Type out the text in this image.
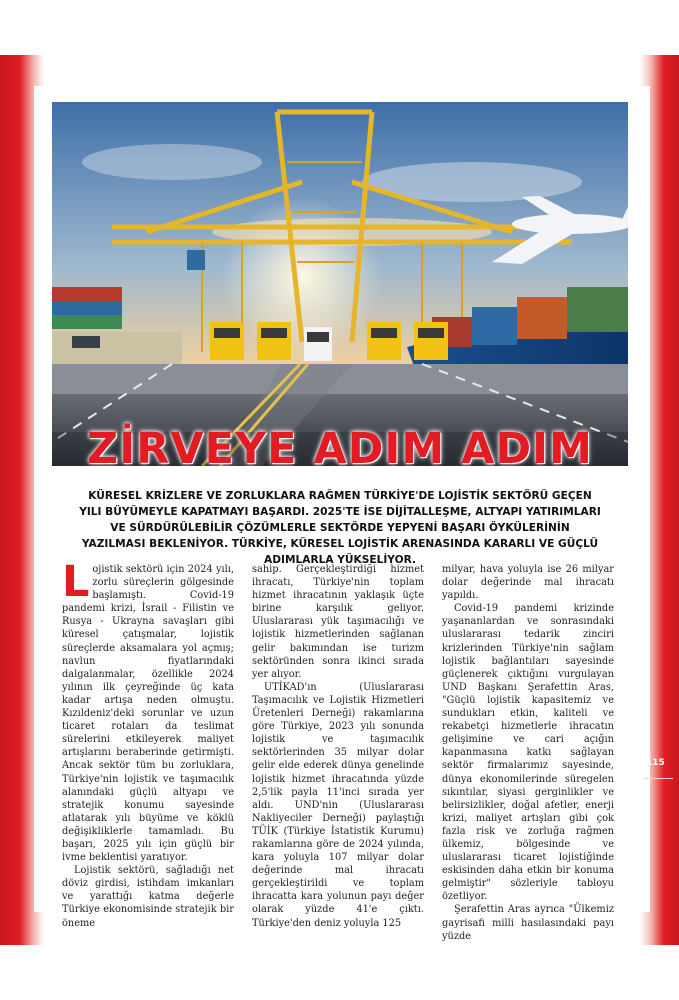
ZİRVEYE ADIM ADIM

KÜRESEL KRİZLERE VE ZORLUKLARA RAĞMEN TÜRKİYE'DE LOJİSTİK SEKTÖRÜ GEÇEN YILI BÜYÜMEYLE KAPATMAYI BAŞARDI. 2025'TE İSE DİJİTALLEŞME, ALTYAPI YATIRIMLARI VE SÜRDÜRÜLEBİLİR ÇÖZÜMLERLE SEKTÖRDE YEPYENİ BAŞARI ÖYKÜLERİNİN YAZILMASI BEKLENİYOR. TÜRKİYE, KÜRESEL LOJİSTİK ARENASINDA KARARLI VE GÜÇLÜ ADIMLARLA YÜKSELİYOR.

Lojistik sektörü için 2024 yılı, zorlu süreçlerin gölgesinde başlamıştı. Covid-19 pandemi krizi, İsrail - Filistin ve Rusya - Ukrayna savaşları gibi küresel çatışmalar, lojistik süreçlerde aksamalara yol açmış; navlun fiyatlarındaki dalgalanmalar, özellikle 2024 yılının ilk çeyreğinde üç kata kadar artışa neden olmuştu. Kızıldeniz'deki sorunlar ve uzun ticaret rotaları da teslimat sürelerini etkileyerek maliyet artışlarını beraberinde getirmişti. Ancak sektör tüm bu zorluklara, Türkiye'nin lojistik ve taşımacılık alanındaki güçlü altyapı ve stratejik konumu sayesinde atlatarak yılı büyüme ve köklü değişikliklerle tamamladı. Bu başarı, 2025 yılı için güçlü bir ivme beklentisi yaratıyor.

Lojistik sektörü, sağladığı net döviz girdisi, istihdam imkanları ve yarattığı katma değerle Türkiye ekonomisinde stratejik bir öneme

sahip. Gerçekleştirdiği hizmet ihracatı, Türkiye'nin toplam hizmet ihracatının yaklaşık üçte birine karşılık geliyor. Uluslararası yük taşımacılığı ve lojistik hizmetlerinden sağlanan gelir bakımından ise turizm sektöründen sonra ikinci sırada yer alıyor.

UTİKAD'ın (Uluslararası Taşımacılık ve Lojistik Hizmetleri Üretenleri Derneği) rakamlarına göre Türkiye, 2023 yılı sonunda lojistik ve taşımacılık sektörlerinden 35 milyar dolar gelir elde ederek dünya genelinde lojistik hizmet ihracatında yüzde 2,5'lik payla 11'inci sırada yer aldı. UND'nin (Uluslararası Nakliyeciler Derneği) paylaştığı TÜİK (Türkiye İstatistik Kurumu) rakamlarına göre de 2024 yılında, kara yoluyla 107 milyar dolar değerinde mal ihracatı gerçekleştirildi ve toplam ihracatta kara yolunun payı değer olarak yüzde 41'e çıktı. Türkiye'den deniz yoluyla 125

milyar, hava yoluyla ise 26 milyar dolar değerinde mal ihracatı yapıldı.

Covid-19 pandemi krizinde yaşananlardan ve sonrasındaki uluslararası tedarik zinciri krizlerinden Türkiye'nin sağlam lojistik bağlantıları sayesinde güçlenerek çıktığını vurgulayan UND Başkanı Şerafettin Aras, "Güçlü lojistik kapasitemiz ve sundukları etkin, kaliteli ve rekabetçi hizmetlerle ihracatın gelişimine ve cari açığın kapanmasına katkı sağlayan sektör firmalarımız sayesinde, dünya ekonomilerinde süregelen sıkıntılar, siyasi gerginlikler ve belirsizlikler, doğal afetler, enerji krizi, maliyet artışları gibi çok fazla risk ve zorluğa rağmen ülkemiz, bölgesinde ve uluslararası ticaret lojistiğinde eskisinden daha etkin bir konuma gelmiştir" sözleriyle tabloyu özetliyor.

Şerafettin Aras ayrıca "Ülkemiz gayrisafi milli hasılasındaki payı yüzde

115
